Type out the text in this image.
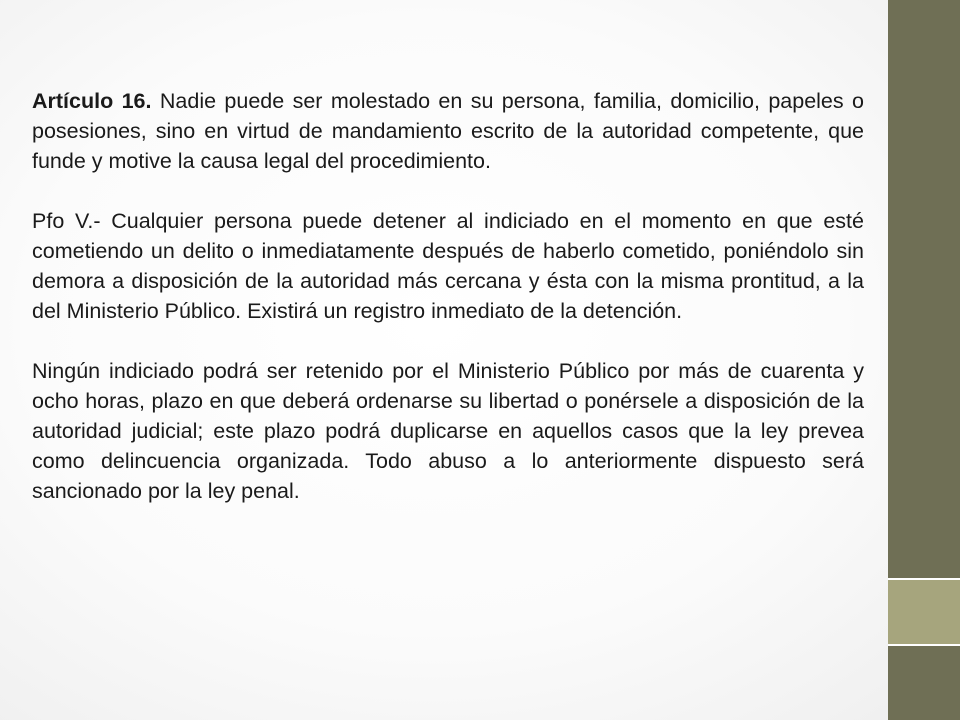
Artículo 16. Nadie puede ser molestado en su persona, familia, domicilio, papeles o posesiones, sino en virtud de mandamiento escrito de la autoridad competente, que funde y motive la causa legal del procedimiento.

Pfo V.- Cualquier persona puede detener al indiciado en el momento en que esté cometiendo un delito o inmediatamente después de haberlo cometido, poniéndolo sin demora a disposición de la autoridad más cercana y ésta con la misma prontitud, a la del Ministerio Público. Existirá un registro inmediato de la detención.

Ningún indiciado podrá ser retenido por el Ministerio Público por más de cuarenta y ocho horas, plazo en que deberá ordenarse su libertad o ponérsele a disposición de la autoridad judicial; este plazo podrá duplicarse en aquellos casos que la ley prevea como delincuencia organizada. Todo abuso a lo anteriormente dispuesto será sancionado por la ley penal.
